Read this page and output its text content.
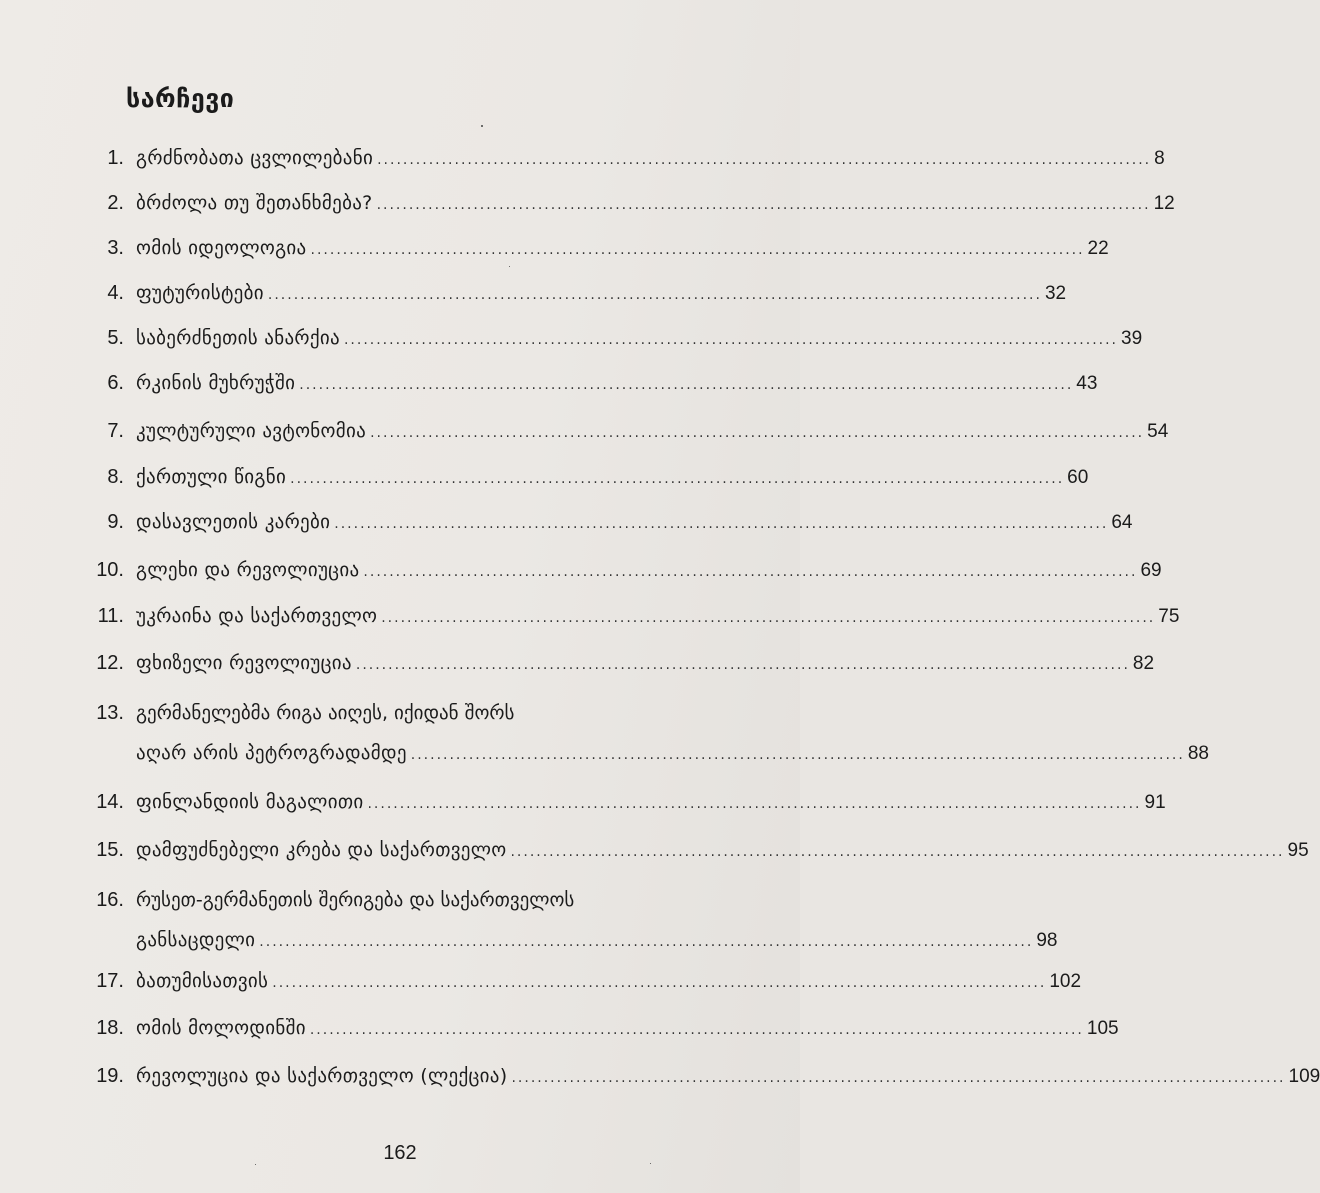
სარჩევი
1. გრძნობათა ცვლილებანი ........................................................................................................................ 8
2. ბრძოლა თუ შეთანხმება? ........................................................................................................................ 12
3. ომის იდეოლოგია ........................................................................................................................ 22
4. ფუტურისტები ........................................................................................................................ 32
5. საბერძნეთის ანარქია ........................................................................................................................ 39
6. რკინის მუხრუჭში ........................................................................................................................ 43
7. კულტურული ავტონომია ........................................................................................................................ 54
8. ქართული წიგნი ........................................................................................................................ 60
9. დასავლეთის კარები ........................................................................................................................ 64
10. გლეხი და რევოლიუცია ........................................................................................................................ 69
11. უკრაინა და საქართველო ........................................................................................................................ 75
12. ფხიზელი რევოლიუცია ........................................................................................................................ 82
13. გერმანელებმა რიგა აიღეს, იქიდან შორს
აღარ არის პეტროგრადამდე ........................................................................................................................ 88
14. ფინლანდიის მაგალითი ........................................................................................................................ 91
15. დამფუძნებელი კრება და საქართველო ........................................................................................................................ 95
16. რუსეთ-გერმანეთის შერიგება და საქართველოს
განსაცდელი ........................................................................................................................ 98
17. ბათუმისათვის ........................................................................................................................ 102
18. ომის მოლოდინში ........................................................................................................................ 105
19. რევოლუცია და საქართველო (ლექცია) ........................................................................................................................ 109
162
